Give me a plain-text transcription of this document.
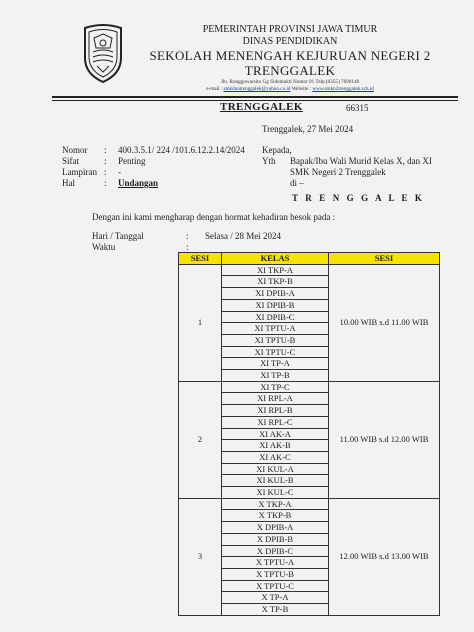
PEMERINTAH PROVINSI JAWA TIMUR
DINAS PENDIDIKAN
SEKOLAH MENENGAH KEJURUAN NEGERI 2
TRENGGALEK
Jln. Ronggowarsito Gg Sidomukti Nomor 01 Telp.(0355) 7690148
e-mail : smkduatrenggalek@yahoo.co.id Website : www.smkn2trenggalek.sch.id
TRENGGALEK	66315
Trenggalek, 27 Mei 2024
Nomor : 400.3.5.1/ 224 /101.6.12.2.14/2024
Sifat	: Penting
Lampiran : -
Hal	: Undangan
Kepada,
Yth Bapak/Ibu Wali Murid Kelas X, dan XI
SMK Negeri 2 Trenggalek
di –
T R E N G G A L E K
Dengan ini kami mengharap dengan hormat kehadiran besok pada :
Hari / Tanggal	: Selasa / 28 Mei 2024
Waktu	:
SESI	KELAS	SESI
1	XI TKP-A	10.00 WIB s.d 11.00 WIB
	XI TKP-B	
	XI DPIB-A	
	XI DPIB-B	
	XI DPIB-C	
	XI TPTU-A	
	XI TPTU-B	
	XI TPTU-C	
	XI TP-A	
	XI TP-B	
2	XI TP-C	11.00 WIB s.d 12.00 WIB
	XI RPL-A	
	XI RPL-B	
	XI RPL-C	
	XI AK-A	
	XI AK-B	
	XI AK-C	
	XI KUL-A	
	XI KUL-B	
	XI KUL-C	
3	X TKP-A	12.00 WIB s.d 13.00 WIB
	X TKP-B	
	X DPIB-A	
	X DPIB-B	
	X DPIB-C	
	X TPTU-A	
	X TPTU-B	
	X TPTU-C	
	X TP-A	
	X TP-B	
